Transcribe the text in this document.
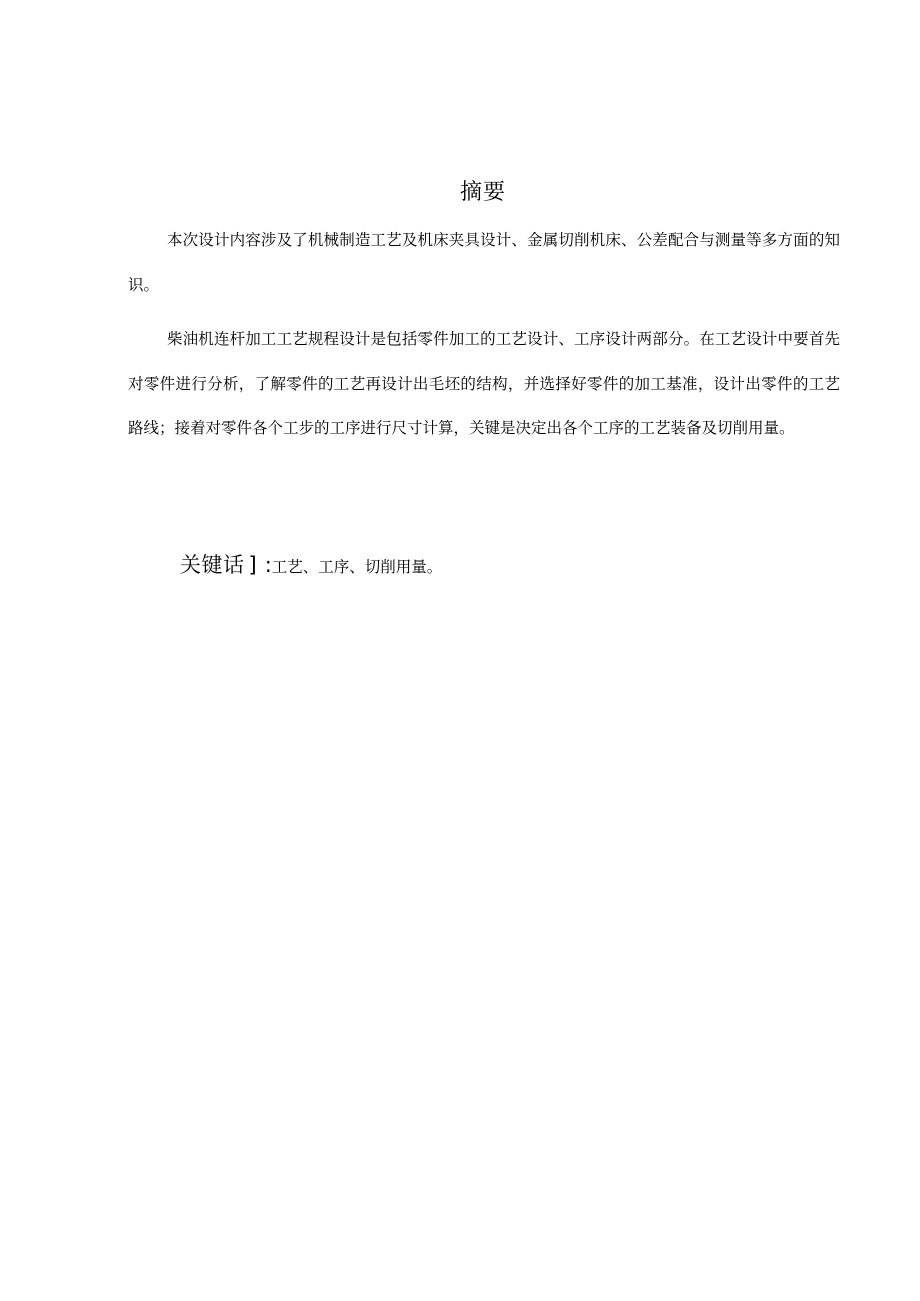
摘要

本次设计内容涉及了机械制造工艺及机床夹具设计、金属切削机床、公差配合与测量等多方面的知识。

柴油机连杆加工工艺规程设计是包括零件加工的工艺设计、工序设计两部分。在工艺设计中要首先对零件进行分析，了解零件的工艺再设计出毛坯的结构，并选择好零件的加工基准，设计出零件的工艺路线；接着对零件各个工步的工序进行尺寸计算，关键是决定出各个工序的工艺装备及切削用量。

关键话 ] :工艺、工序、切削用量。
